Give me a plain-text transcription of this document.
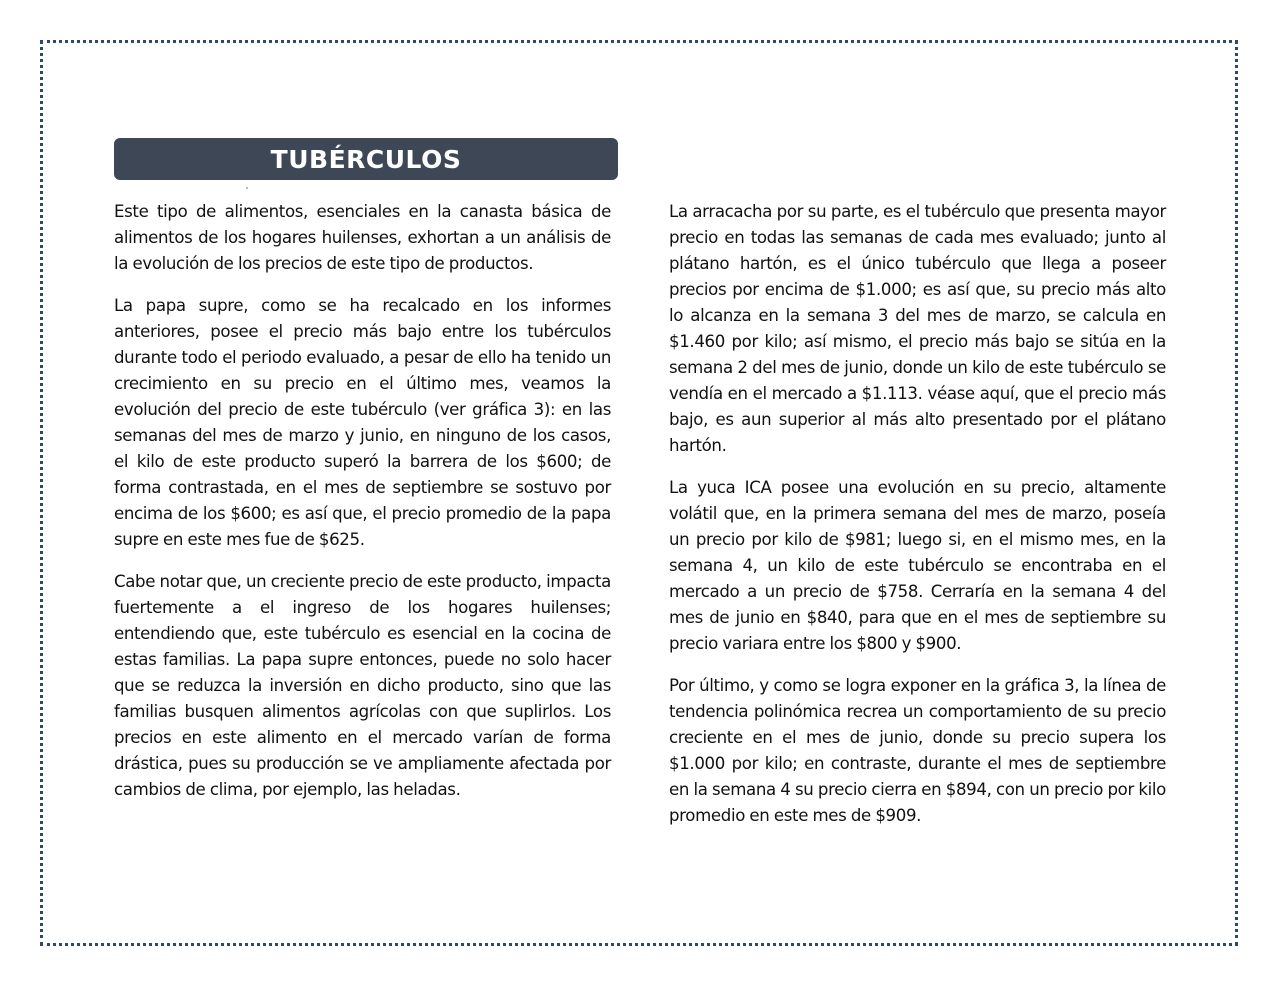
TUBÉRCULOS

Este tipo de alimentos, esenciales en la canasta básica de alimentos de los hogares huilenses, exhortan a un análisis de la evolución de los precios de este tipo de productos.

La papa supre, como se ha recalcado en los informes anteriores, posee el precio más bajo entre los tubérculos durante todo el periodo evaluado, a pesar de ello ha tenido un crecimiento en su precio en el último mes, veamos la evolución del precio de este tubérculo (ver gráfica 3): en las semanas del mes de marzo y junio, en ninguno de los casos, el kilo de este producto superó la barrera de los $600; de forma contrastada, en el mes de septiembre se sostuvo por encima de los $600; es así que, el precio promedio de la papa supre en este mes fue de $625.

Cabe notar que, un creciente precio de este producto, impacta fuertemente a el ingreso de los hogares huilenses; entendiendo que, este tubérculo es esencial en la cocina de estas familias. La papa supre entonces, puede no solo hacer que se reduzca la inversión en dicho producto, sino que las familias busquen alimentos agrícolas con que suplirlos. Los precios en este alimento en el mercado varían de forma drástica, pues su producción se ve ampliamente afectada por cambios de clima, por ejemplo, las heladas.

La arracacha por su parte, es el tubérculo que presenta mayor precio en todas las semanas de cada mes evaluado; junto al plátano hartón, es el único tubérculo que llega a poseer precios por encima de $1.000; es así que, su precio más alto lo alcanza en la semana 3 del mes de marzo, se calcula en $1.460 por kilo; así mismo, el precio más bajo se sitúa en la semana 2 del mes de junio, donde un kilo de este tubérculo se vendía en el mercado a $1.113. véase aquí, que el precio más bajo, es aun superior al más alto presentado por el plátano hartón.

La yuca ICA posee una evolución en su precio, altamente volátil que, en la primera semana del mes de marzo, poseía un precio por kilo de $981; luego si, en el mismo mes, en la semana 4, un kilo de este tubérculo se encontraba en el mercado a un precio de $758. Cerraría en la semana 4 del mes de junio en $840, para que en el mes de septiembre su precio variara entre los $800 y $900.

Por último, y como se logra exponer en la gráfica 3, la línea de tendencia polinómica recrea un comportamiento de su precio creciente en el mes de junio, donde su precio supera los $1.000 por kilo; en contraste, durante el mes de septiembre en la semana 4 su precio cierra en $894, con un precio por kilo promedio en este mes de $909.
